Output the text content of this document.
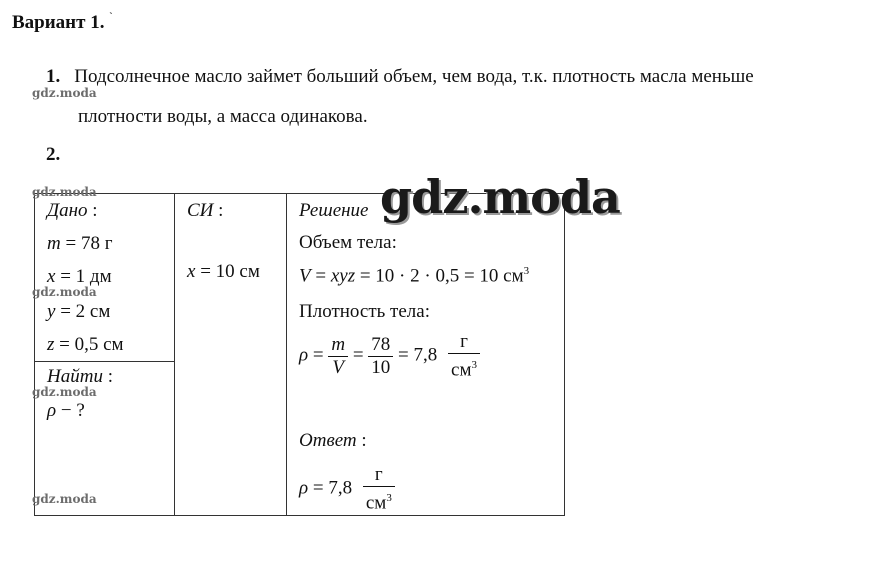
Вариант 1. `
1. Подсолнечное масло займет больший объем, чем вода, т.к. плотность масла меньше
плотности воды, а масса одинакова.
2.
Дано :
m = 78 г
x = 1 дм
y = 2 см
z = 0,5 см
Найти :
ρ − ?
СИ :
x = 10 см
Решение
Объем тела:
V = xyz = 10 · 2 · 0,5 = 10 $см^3$
Плотность тела:
$\rho = \frac{m}{V} = \frac{78}{10} = 7,8 \frac{г}{см^3}$
Ответ :
$\rho = 7,8 \frac{г}{см^3}$
gdz.moda
gdz.moda
gdz.moda
gdz.moda
gdz.moda
gdz.moda
